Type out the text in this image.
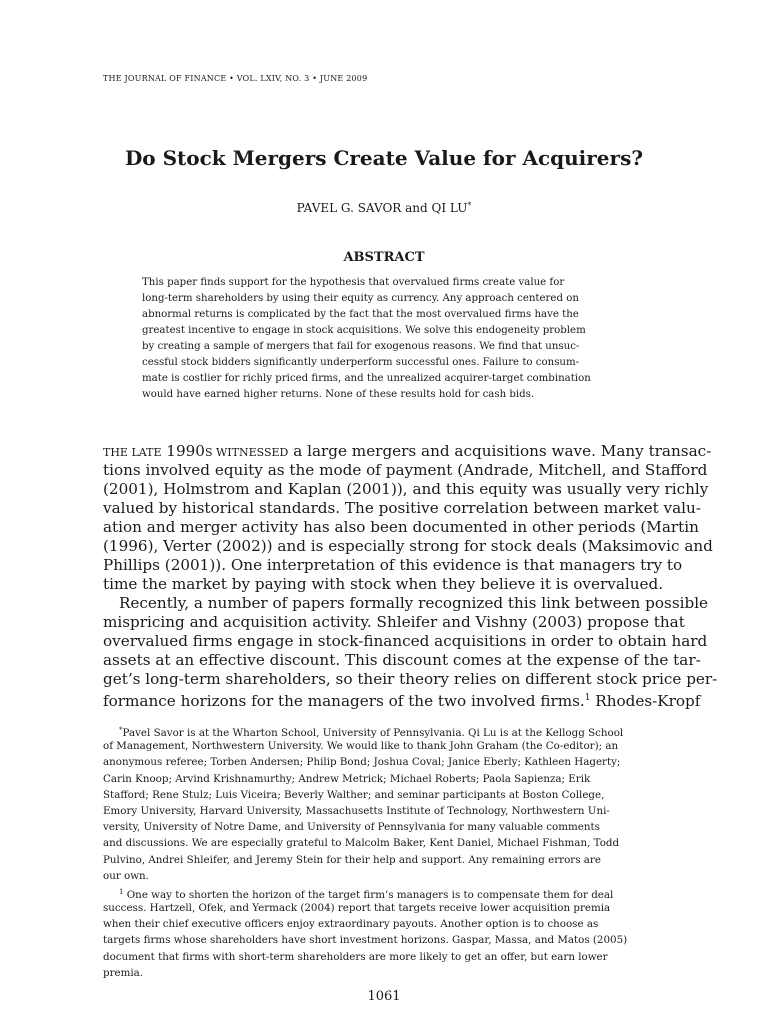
THE JOURNAL OF FINANCE • VOL. LXIV, NO. 3 • JUNE 2009
Do Stock Mergers Create Value for Acquirers?
PAVEL G. SAVOR and QI LU*
ABSTRACT
This paper finds support for the hypothesis that overvalued firms create value for
long-term shareholders by using their equity as currency. Any approach centered on
abnormal returns is complicated by the fact that the most overvalued firms have the
greatest incentive to engage in stock acquisitions. We solve this endogeneity problem
by creating a sample of mergers that fail for exogenous reasons. We find that unsuc-
cessful stock bidders significantly underperform successful ones. Failure to consum-
mate is costlier for richly priced firms, and the unrealized acquirer-target combination
would have earned higher returns. None of these results hold for cash bids.
THE LATE 1990S WITNESSED a large mergers and acquisitions wave. Many transac-
tions involved equity as the mode of payment (Andrade, Mitchell, and Stafford
(2001), Holmstrom and Kaplan (2001)), and this equity was usually very richly
valued by historical standards. The positive correlation between market valu-
ation and merger activity has also been documented in other periods (Martin
(1996), Verter (2002)) and is especially strong for stock deals (Maksimovic and
Phillips (2001)). One interpretation of this evidence is that managers try to
time the market by paying with stock when they believe it is overvalued.
Recently, a number of papers formally recognized this link between possible
mispricing and acquisition activity. Shleifer and Vishny (2003) propose that
overvalued firms engage in stock-financed acquisitions in order to obtain hard
assets at an effective discount. This discount comes at the expense of the tar-
get’s long-term shareholders, so their theory relies on different stock price per-
formance horizons for the managers of the two involved firms.$^1$ Rhodes-Kropf
*Pavel Savor is at the Wharton School, University of Pennsylvania. Qi Lu is at the Kellogg School
of Management, Northwestern University. We would like to thank John Graham (the Co-editor); an
anonymous referee; Torben Andersen; Philip Bond; Joshua Coval; Janice Eberly; Kathleen Hagerty;
Carin Knoop; Arvind Krishnamurthy; Andrew Metrick; Michael Roberts; Paola Sapienza; Erik
Stafford; Rene Stulz; Luis Viceira; Beverly Walther; and seminar participants at Boston College,
Emory University, Harvard University, Massachusetts Institute of Technology, Northwestern Uni-
versity, University of Notre Dame, and University of Pennsylvania for many valuable comments
and discussions. We are especially grateful to Malcolm Baker, Kent Daniel, Michael Fishman, Todd
Pulvino, Andrei Shleifer, and Jeremy Stein for their help and support. Any remaining errors are
our own.
$^1$ One way to shorten the horizon of the target firm’s managers is to compensate them for deal
success. Hartzell, Ofek, and Yermack (2004) report that targets receive lower acquisition premia
when their chief executive officers enjoy extraordinary payouts. Another option is to choose as
targets firms whose shareholders have short investment horizons. Gaspar, Massa, and Matos (2005)
document that firms with short-term shareholders are more likely to get an offer, but earn lower
premia.
1061
